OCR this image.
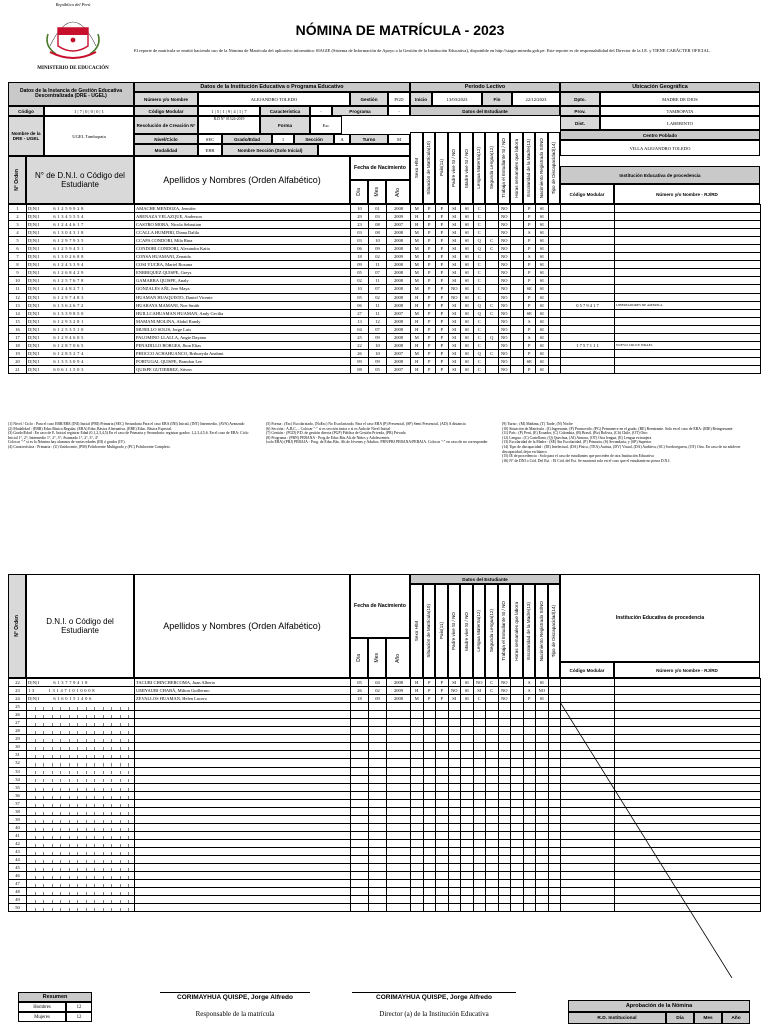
MINISTERIO DE EDUCACIÓN
República del Perú
NÓMINA DE MATRÍCULA - 2023
El reporte de matrícula se emitió haciendo uso de la Nómina de Matrícula del aplicativo informático SIAGIE (Sistema de Información de Apoyo a la Gestión de la Institución Educativa), disponible en http://siagie.minedu.gob.pe. Este reporte es de responsabilidad del Director de la I.E. y TIENE CARÁCTER OFICIAL.
Datos de la Instancia de Gestión Educativa Descentralizada (DRE - UGEL)
Código	1 | 7 | 0 | 0 | 0 | 1
Nombre de la DRE - UGEL	UGEL Tambopata
Datos de la Institución Educativa o Programa Educativo
Número y/o Nombre	ALEJANDRO TOLEDO	Gestión	PGD
Código Modular	1 | 5 | 1 | 9 | 4 | 1 | 7	Característica	-	Programa	-
Resolución de Creación N°
R.D N° 01524-2019
Forma	Esc
Nivel/Ciclo	SEC	Grado/Edad	1	Sección	A	Turno	M
Modalidad	EBR	Nombre Sección (Solo Inicial)
Periodo Lectivo
Inicio	13/03/2023	Fin	22/12/2023
Datos del Estudiante
Ubicación Geográfica
Dpto.	MADRE DE DIOS
Prov.	TAMBOPATA
Dist.	LABERINTO
Centro Poblado
VILLA ALEJANDRO TOLEDO
N° Orden	N° de D.N.I. o Código del Estudiante	Apellidos y Nombres (Orden Alfabético)
Fecha de Nacimiento
Día Mes	Año
Sexo H/M Situación de Matrícula(10) País(11) Padre vive SI / NO Madre vive SI / NO Lengua Materna(12) Segunda Lengua(12) Trabaja el Estudiante SI / NO Horas semanales que labora Escolaridad de la Madre(13) Nacimiento Registrado SI/NO Tipo de Discapacidad(14)	Institución Educativa de procedencia
Código Modular	Número y/o Nombre - RJ/RD
1	D|N|I 6 1 2 5 9 9 2 8	AMACHE MENDOZA, Jennifer	10	01	2008	M	P	P	SI	SI	C		NO		P	SI			
2	D|N|I 6 1 3 4 5 5 5 4	ARENAZA VELAZQUE, Anderson	29	03	2009	H	P	P	SI	SI	C		NO		P	SI			
3	D|N|I 6 1 2 4 4 6 1 7	CASTRO MORA, Nicola Sebastian	23	08	2007	H	P	P	SI	SI	C		NO		P	SI			
4	D|N|I 6 1 3 0 4 3 1 8	CCALLA HUMPIRI, Diana Dalila	03	08	2008	M	P	P	SI	SI	C		NO		S	SI			
5	D|N|I 6 1 2 9 7 9 3 5	CCAPA CONDORI, Mila Rina	03	10	2008	M	P	P	SI	SI	Q	C	NO		P	SI			
6	D|N|I 6 1 2 5 9 4 5 1	CONDORI CONDORI, Alexandra Katia	06	09	2008	M	P	P	SI	SI	Q	C	NO		P	SI			
7	D|N|I 6 1 3 0 2 6 8 8	CONSA HUAMANI, Zenaida	18	02	2009	M	P	P	SI	SI	C		NO		S	SI			
8	D|N|I 6 1 2 4 3 3 9 4	COSI YUCRA, Mariel Roxana	09	11	2008	M	P	P	SI	SI	C		NO		P	SI			
9	D|N|I 6 1 2 6 8 4 2 9	ENRRIQUEZ QUISPE, Greys	05	07	2008	M	P	P	SI	SI	C		NO		P	SI			
10	D|N|I 6 1 2 5 7 6 7 8	GAMARRA QUISPE, Analy	02	11	2008	M	P	P	SI	SI	C		NO		P	SI			
11	D|N|I 6 1 2 4 8 2 7 1	GONZALES AÑI, Jere Maya	10	07	2008	M	P	P	NO	SI	C		NO		SE	SI			
12	D|N|I 6 1 2 9 7 4 8 3	HUAMAN HUAQUISTO, Daniel Vicente	05	02	2008	H	P	P	NO	SI	C		NO		P	SI			
13	D|N|I 6 1 3 6 2 6 7 2	HUARAYA MAMANI, Noe Smith	06	11	2008	H	P	P	SI	SI	Q	C	NO		P	SI		0 5 7 9 4 1 7	LIBERTADORES DE AMERICA
14	D|N|I 6 1 3 3 9 8 5 0	HUILLCAHUAMAN HUAMAN, Andy Cecilia	27	11	2007	M	P	P	SI	SI	Q	C	NO		SE	SI			
15	D|N|I 6 1 2 9 3 2 8 1	MAMANI MOLINA, Abdul Randy	13	12	2008	H	P	P	SI	SI	C		NO		S	SI			
16	D|N|I 6 1 2 5 3 5 1 0	MURILLO SOLIS, Jorge Luis	04	07	2008	H	P	P	SI	SI	C		NO		P	SI			
17	D|N|I 6 1 2 9 4 6 0 5	PALOMINO LLALLA, Angie Dayana	25	09	2008	M	P	P	SI	SI	C	Q	NO		S	SI			
18	D|N|I 6 1 2 8 7 0 6 5	PENADILLO BORGES, Jhon Elias	22	10	2008	H	P	P	SI	SI	C		NO		P	SI		1 7 5 7 1 1 1	NUEVO CRUCE ISRAEL
19	D|N|I 6 1 2 8 5 2 7 4	PHOCCO ACHAHUANCO, Brihueyda Anahmi	26	10	2007	M	P	P	SI	SI	Q	C	NO		P	SI			
20	D|N|I 6 1 3 5 3 0 9 4	PORTUGAL QUISPE, Brandon Lee	09	09	2008	H	P	P	SI	SI	C		NO		SE	SI			
21	D|N|I 6 0 6 1 1 5 0 3	QUISPE GUTIERREZ, Stiven	08	05	2007	H	P	P	SI	SI	C		NO		P	SI			
(1) Nivel / Ciclo : Para el caso EBR/EBE (INI) Inicial (PRI) Primaria (SEC) Secundaria Para el caso EBA (INI) Inicial, (INT) Intermedio, (AVA) Avanzado
(2) Modalidad : (EBR) Educ.Básica Regular, (EBA) Educ.Básica Alternativa, (EBE) Educ. Básica Especial.
(3) Grado/Edad : En caso de E. Inicial registrar Edad (0,1,2,3,4,5) En el caso de Primaria y Secundaria: registrar grados: 1,2,3,4,5,6. En el caso de EBA: Ciclo Inicial 1°, 2°; Intermedio 1°, 2°, 3°; Avanzado 1°, 2°, 3°, 4°
Colocar "-" si es la Nómina hay alumnos de varias edades (III) ó grados (IV).
(4) Característica : Primaria : (U) Unidocente, (PM) Polidocente Multigrado y (PC) Polidocente Completo.
(5) Forma : (Esc) Escolarizado, (NoEsc) No Escolarizado. Para el caso EBA (P) Presencial, (SP) Semi Presencial, (AD) A distancia
(6) Sección : A,B,C,... Colocar "-" si es sección única o si es Aula de Nivel Inicial
(7) Gestión : (PGD) P.D. de gestión directa (PGP) Pública de Gestión Privada, (PR) Privada
(8) Programa : (PBN) PEBANA - Prog.de Educ.Bás.Alt.de Niños y Adolescentes
(solo EBA) (PBJ) PEBAJA - Prog. de Educ.Bás. Alt.de Jóvenes y Adultos. PBN/PBJ PEBANA/PEBAJA. Colocar "-" en caso de no corresponder
(9) Turno : (M) Mañana, (T) Tarde, (N) Noche
(10) Situación de Matrícula : (I) Ingresante, (P) Promovido, (PG) Permanece en el grado, (RE) Reentrante. Solo en el caso de EBA: (RIE) Reingresante
(11) País : (P) Perú, (E) Ecuador, (C) Colombia, (B) Brasil, (Bo) Bolivia, (Ch) Chile, (OT) Otro
(12) Lengua : (C) Castellano, (Q) Quechua, (AI) Aimara, (OT) Otra lengua, (E) Lengua extranjera
(13) Escolaridad de la Madre : (SE) Sin Escolaridad, (P) Primaria, (S) Secundaria, y (SP) Superior
(14) Tipo de discapacidad : (DI) Intelectual, (DA) Física, (TEA) Autista, (DV) Visual, (DA) Auditiva, (SC) Sordoceguera, (OT) Otra. En caso de no adolecer discapacidad, dejar en blanco
(15) IE de procedencia : Solo para el caso de estudiantes que proceden de otra Institución Educativa
(16) N° de DNI o Cód. Del Est. : El Cód. del Est. Se mostrará solo en el caso que el estudiante no posea D.N.I.
N° Orden	D.N.I. o Código del Estudiante	Apellidos y Nombres (Orden Alfabético)
Fecha de Nacimiento
Día Mes	Año
Datos del Estudiante
Sexo H/M Situación de Matrícula(10) País(11) Padre vive SI / NO Madre vive SI / NO Lengua Materna(12) Segunda Lengua(12) Trabaja el Estudiante SI / NO Horas semanales que labora Escolaridad de la Madre(13) Nacimiento Registrado SI/NO Tipo de Discapacidad(14)	Institución Educativa de procedencia
Código Modular	Número y/o Nombre - RJ/RD
22	D|N|I 6 1 3 7 7 9 4 1 8	TACURI CHINCHERCOMA, Juan Alberto	05	04	2008	H	P	P	SI	SI	NO	C	NO		S	SI			
23	1 3 1 3 1 4 7 1 0 1 0 0 0 8	UMIYAURI CHABÁ, Milton Guillermo	26	02	2009	H	P	P	NO	SI	SI	C	NO		S	NO			
24	D|N|I 6 1 6 0 1 5 1 4 0 6	ZEVALLOS HUAMAN, Helen Lucero	18	09	2008	M	P	P	SI	SI	C		NO		P	SI			
25																			
26																			
27																			
28																			
29																			
30																			
31																			
32																			
33																			
34																			
35																			
36																			
37																			
38																			
39																			
40																			
41																			
42																			
43																			
44																			
45																			
46																			
47																			
48																			
49																			
50																			
Resumen
Hombres	12
Mujeres	12
CORIMAYHUA QUISPE, Jorge Alfredo
Responsable de la matrícula
CORIMAYHUA QUISPE, Jorge Alfredo
Director (a) de la Institución Educativa
Aprobación de la Nómina
R.D. Institucional	Día	Mes	Año
